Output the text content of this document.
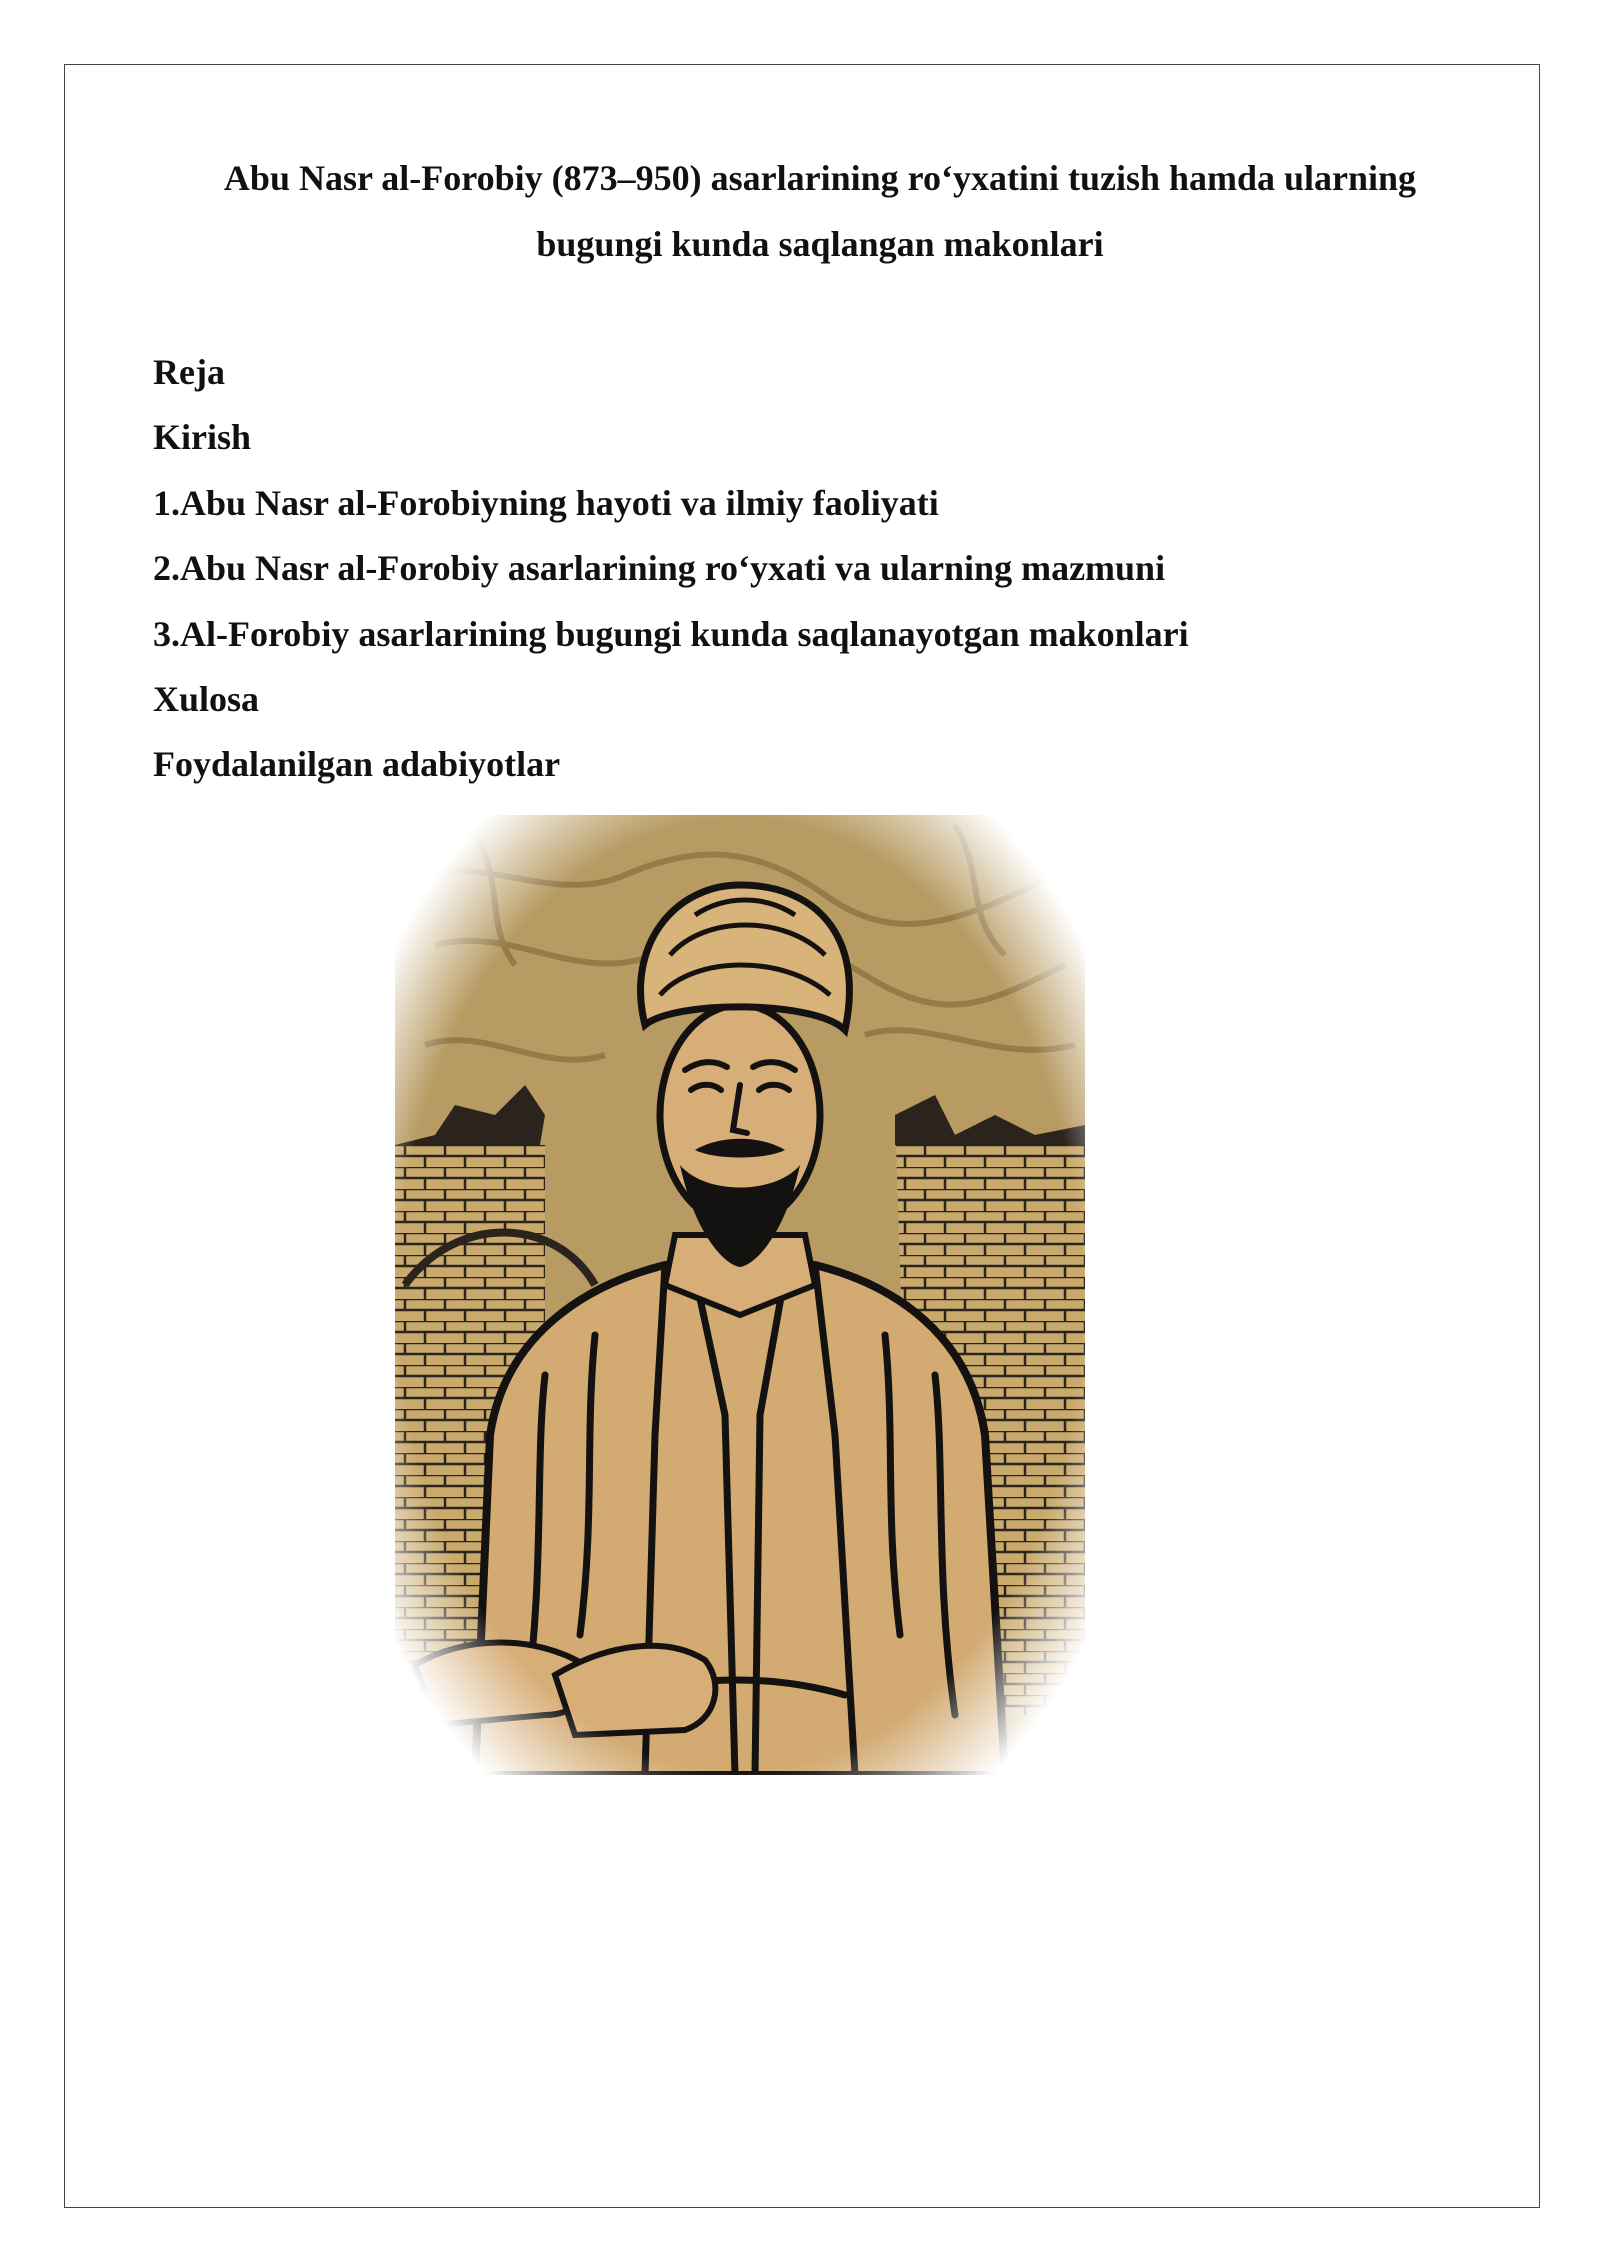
Abu Nasr al-Forobiy (873–950) asarlarining ro‘yxatini tuzish hamda ularning
bugungi kunda saqlangan makonlari
Reja
Kirish
1.Abu Nasr al-Forobiyning hayoti va ilmiy faoliyati
2.Abu Nasr al-Forobiy asarlarining ro‘yxati va ularning mazmuni
3.Al-Forobiy asarlarining bugungi kunda saqlanayotgan makonlari
Xulosa
Foydalanilgan adabiyotlar
